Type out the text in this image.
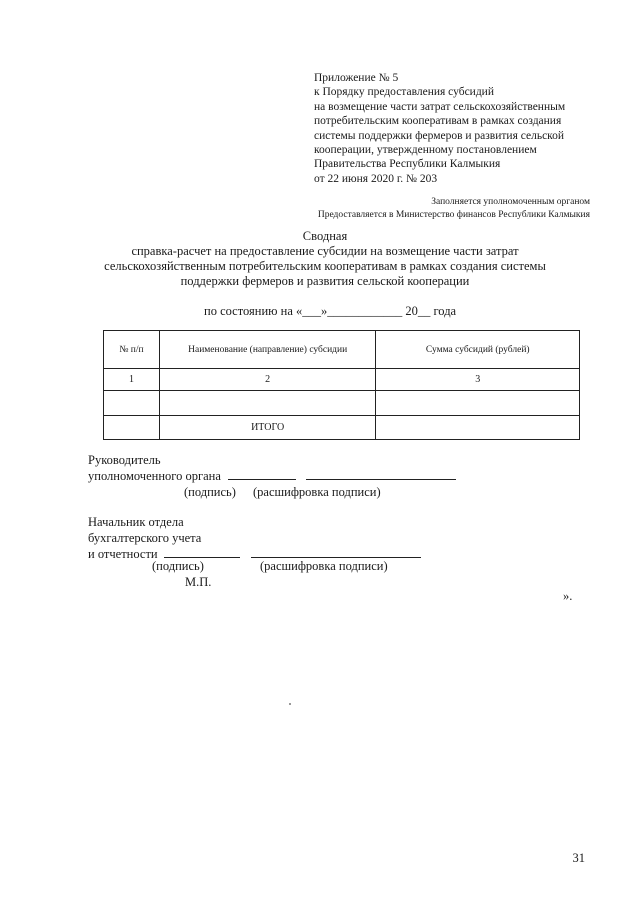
Приложение № 5
к Порядку предоставления субсидий
на возмещение части затрат сельскохозяйственным
потребительским кооперативам в рамках создания
системы поддержки фермеров и развития сельской
кооперации, утвержденному постановлением
Правительства Республики Калмыкия
от 22 июня 2020 г. № 203
Заполняется уполномоченным органом
Предоставляется в Министерство финансов Республики Калмыкия
Сводная
справка-расчет на предоставление субсидии на возмещение части затрат
сельскохозяйственным потребительским кооперативам в рамках создания системы
поддержки фермеров и развития сельской кооперации
по состоянию на «___»____________ 20__ года
№ п/п	Наименование (направление) субсидии	Сумма субсидий (рублей)
1	2	3

	ИТОГО	
Руководитель
уполномоченного органа
(подпись) (расшифровка подписи)
Начальник отдела
бухгалтерского учета
и отчетности
(подпись)	(расшифровка подписи)
М.П.
».
31
